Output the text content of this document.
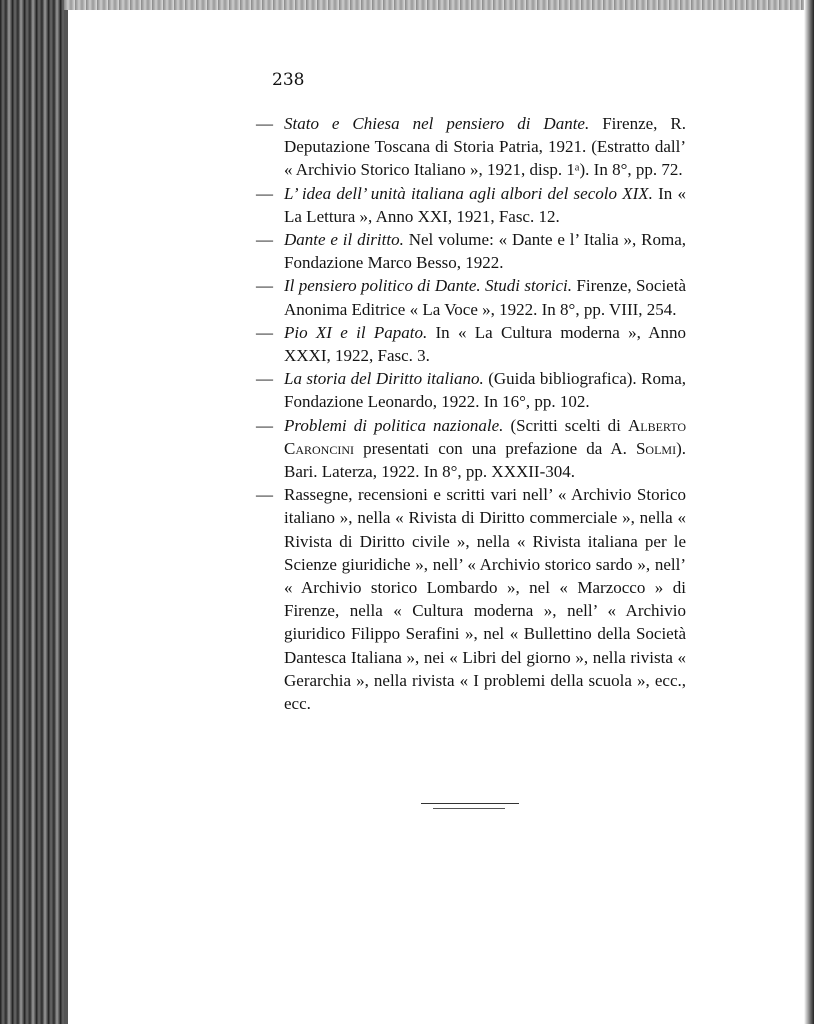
238
— Stato e Chiesa nel pensiero di Dante. Firenze, R. Deputazione Toscana di Storia Patria, 1921. (Estratto dall’ « Archivio Storico Italiano », 1921, disp. 1ᵃ). In 8°, pp. 72.
— L’ idea dell’ unità italiana agli albori del secolo XIX. In « La Lettura », Anno XXI, 1921, Fasc. 12.
— Dante e il diritto. Nel volume: « Dante e l’ Italia », Roma, Fondazione Marco Besso, 1922.
— Il pensiero politico di Dante. Studi storici. Firenze, Società Anonima Editrice « La Voce », 1922. In 8°, pp. VIII, 254.
— Pio XI e il Papato. In « La Cultura moderna », Anno XXXI, 1922, Fasc. 3.
— La storia del Diritto italiano. (Guida bibliografica). Roma, Fondazione Leonardo, 1922. In 16°, pp. 102.
— Problemi di politica nazionale. (Scritti scelti di Alberto Caroncini presentati con una prefazione da A. Solmi). Bari. Laterza, 1922. In 8°, pp. XXXII-304.
— Rassegne, recensioni e scritti vari nell’ « Archivio Storico italiano », nella « Rivista di Diritto commerciale », nella « Rivista di Diritto civile », nella « Rivista italiana per le Scienze giuridiche », nell’ « Archivio storico sardo », nell’ « Archivio storico Lombardo », nel « Marzocco » di Firenze, nella « Cultura moderna », nell’ « Archivio giuridico Filippo Serafini », nel « Bullettino della Società Dantesca Italiana », nei « Libri del giorno », nella rivista « Gerarchia », nella rivista « I problemi della scuola », ecc., ecc.
